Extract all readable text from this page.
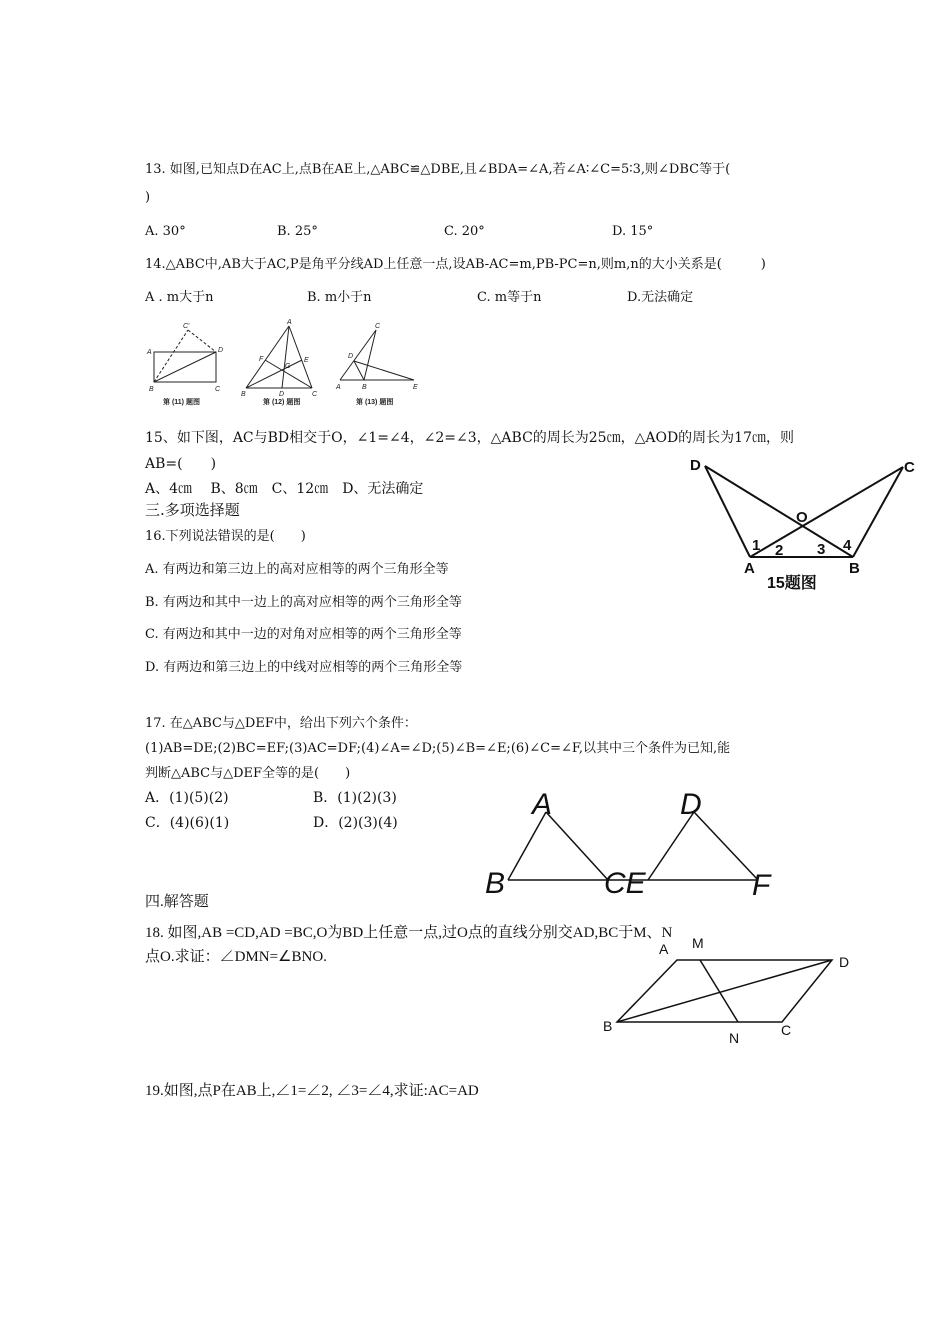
13. 如图,已知点D在AC上,点B在AE上,△ABC≌△DBE,且∠BDA=∠A,若∠A∶∠C=5∶3,则∠DBC等于(
)
A. 30°	B. 25°	C. 20°	D. 15°
14.△ABC中,AB大于AC,P是角平分线AD上任意一点,设AB-AC=m,PB-PC=n,则m,n的大小关系是(　　　)
A . m大于n	B. m小于n	C. m等于n	D.无法确定
C′
A	D
B	C
A
F
G
E
B	D	C
C
D
A	B	E
第 (11) 题图	第 (12) 题图	第 (13) 题图
15、如下图，AC与BD相交于O，∠1=∠4，∠2=∠3，△ABC的周长为25㎝，△AOD的周长为17㎝，则
AB=(　　)
A、4㎝　 B、8㎝　C、12㎝　D、无法确定
D	C
O
1 2 3 4
A	B
15题图
三.多项选择题
16.下列说法错误的是(　　)
A. 有两边和第三边上的高对应相等的两个三角形全等
B. 有两边和其中一边上的高对应相等的两个三角形全等
C. 有两边和其中一边的对角对应相等的两个三角形全等
D. 有两边和第三边上的中线对应相等的两个三角形全等
17. 在△ABC与△DEF中，给出下列六个条件：
(1)AB=DE;(2)BC=EF;(3)AC=DF;(4)∠A=∠D;(5)∠B=∠E;(6)∠C=∠F,以其中三个条件为已知,能
判断△ABC与△DEF全等的是(　　)
A．(1)(5)(2)	B．(1)(2)(3)
C．(4)(6)(1)	D．(2)(3)(4)
A	D
B	CE	F
四.解答题
18. 如图,AB =CD,AD =BC,O为BD上任意一点,过O点的直线分别交AD,BC于M、N
点O.求证：∠DMN=∠BNO.	A M
D
B
N	C
19.如图,点P在AB上,∠1=∠2, ∠3=∠4,求证:AC=AD
